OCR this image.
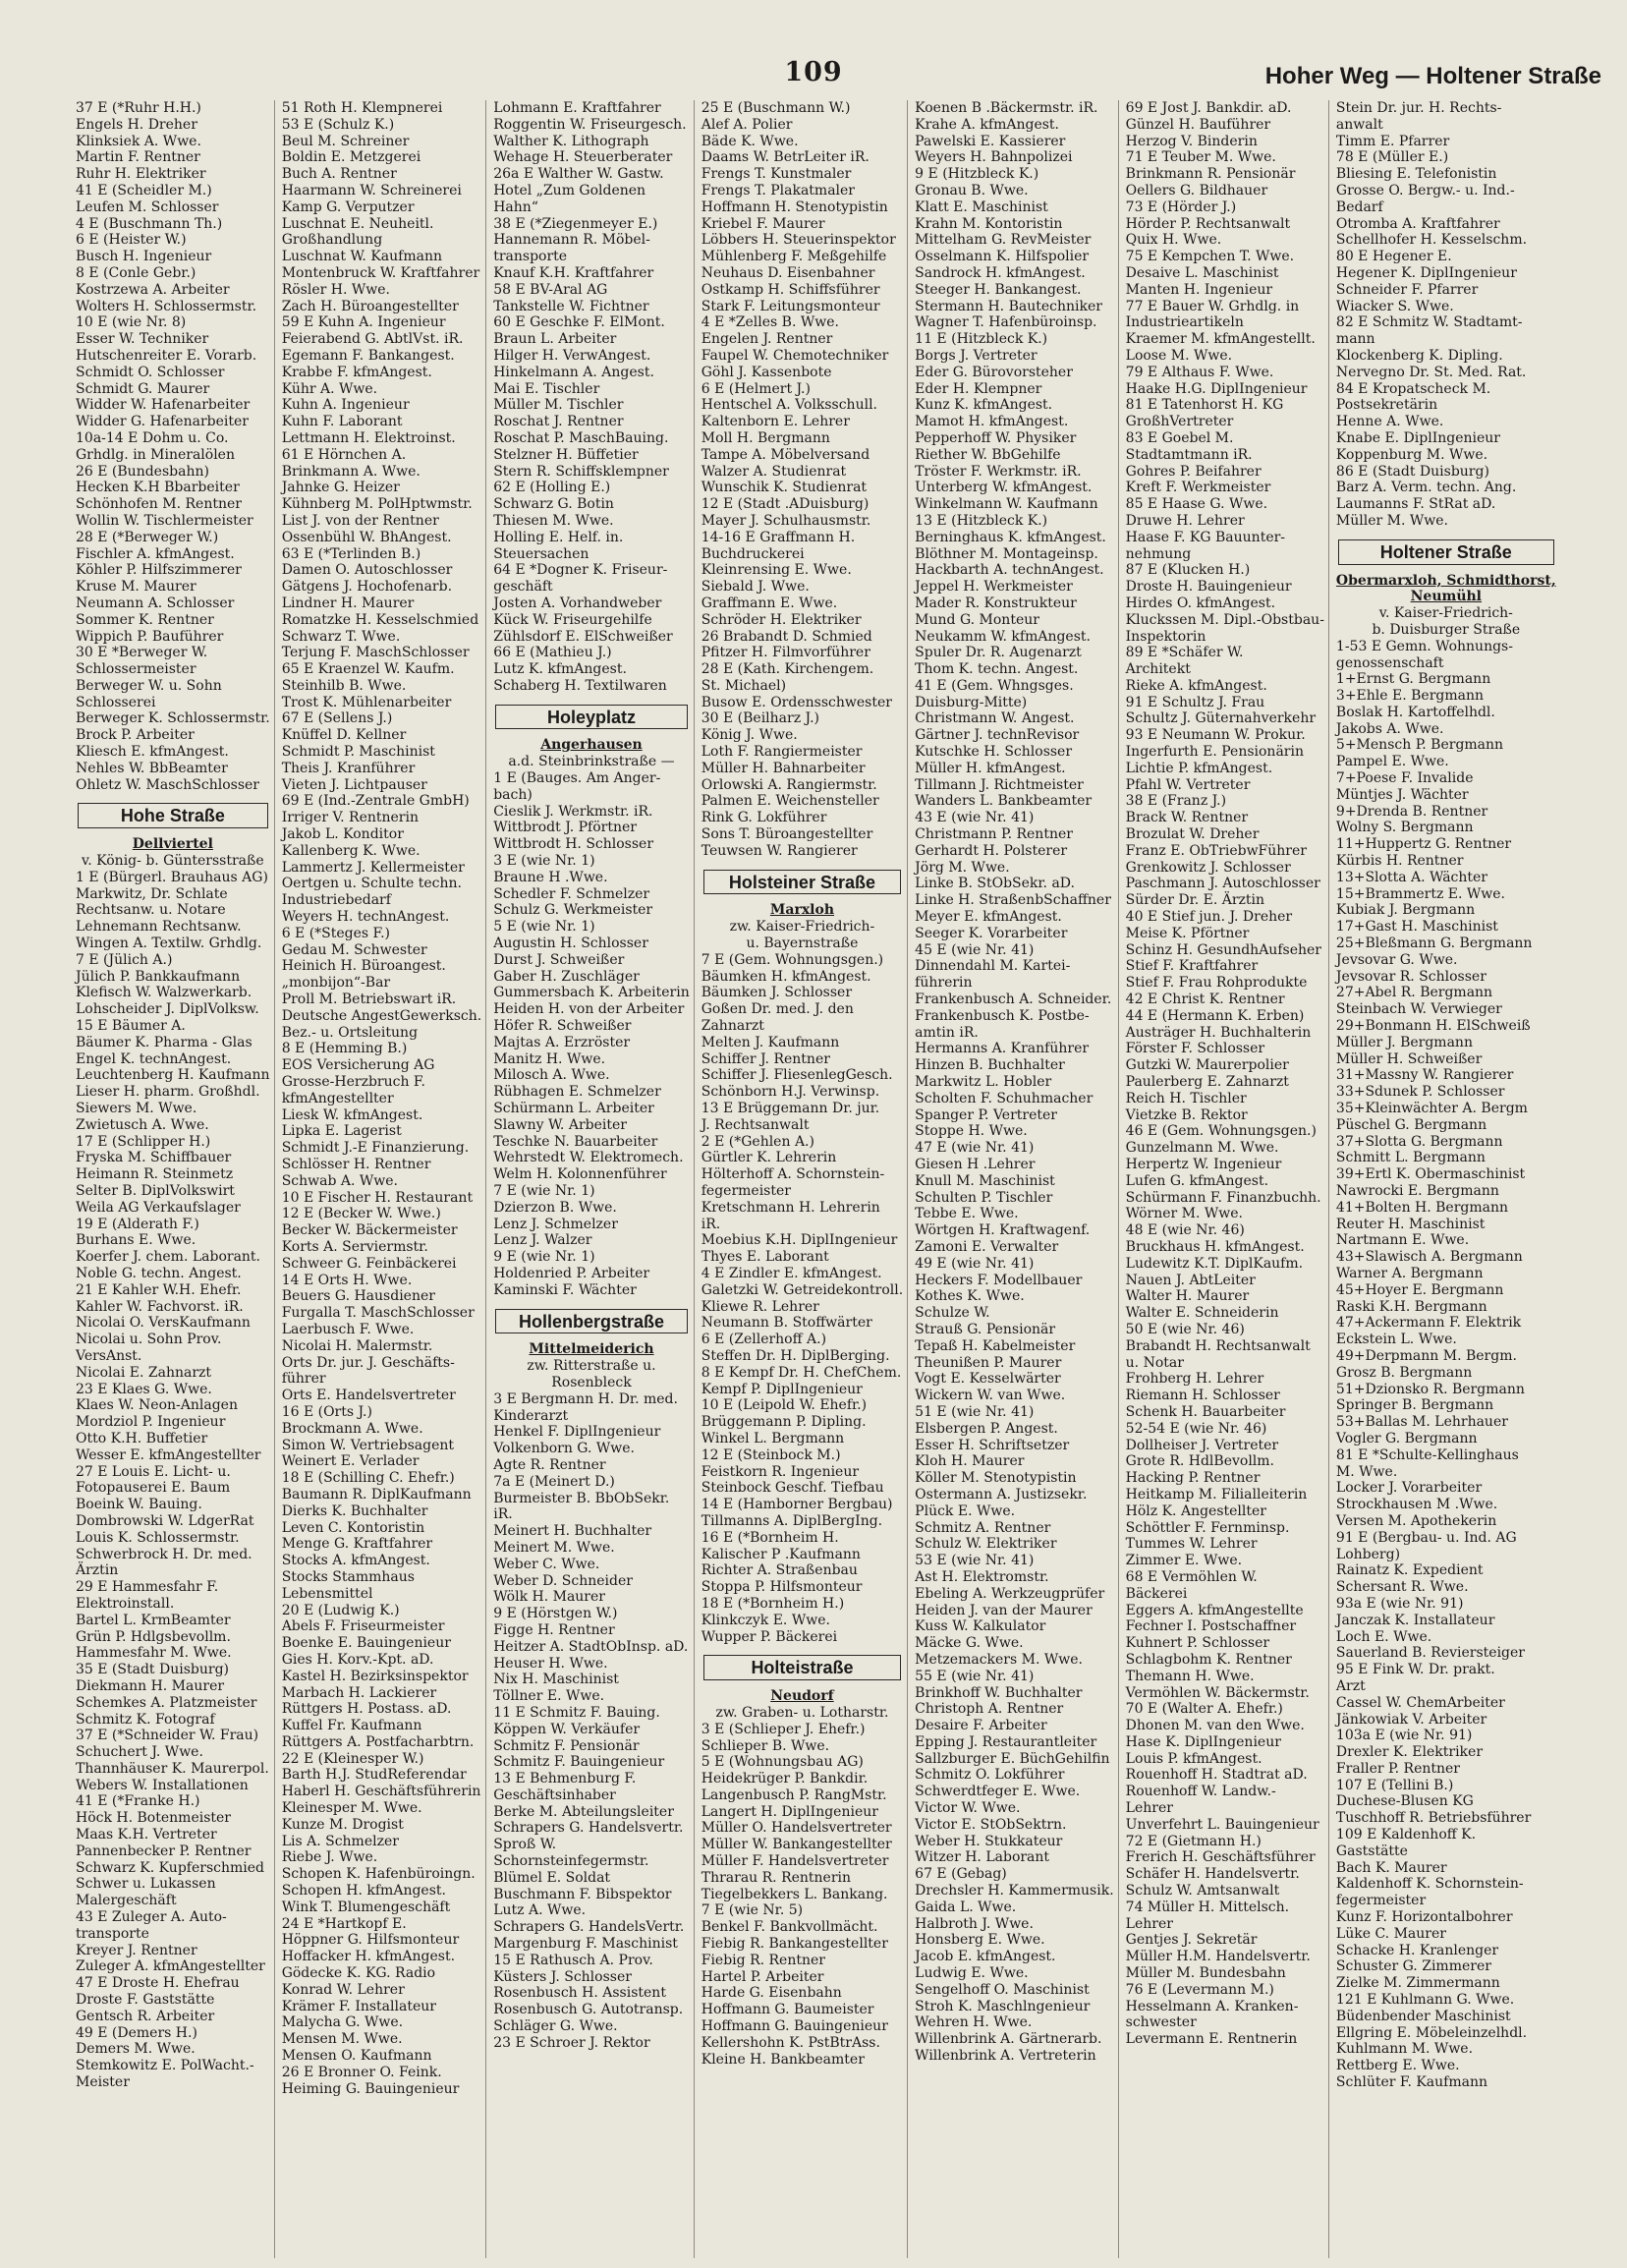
109	Hoher Weg — Holtener Straße
37 E (*Ruhr H.H.)
Engels H. Dreher
Klinksiek A. Wwe.
Martin F. Rentner
Ruhr H. Elektriker
41 E (Scheidler M.)
Leufen M. Schlosser
4 E (Buschmann Th.)
6 E (Heister W.)
Busch H. Ingenieur
8 E (Conle Gebr.)
Kostrzewa A. Arbeiter
Wolters H. Schlossermstr.
10 E (wie Nr. 8)
Esser W. Techniker
Hutschenreiter E. Vorarb.
Schmidt O. Schlosser
Schmidt G. Maurer
Widder W. Hafenarbeiter
Widder G. Hafenarbeiter
10a-14 E Dohm u. Co.
Grhdlg. in Mineralölen
26 E (Bundesbahn)
Hecken K.H Bbarbeiter
Schönhofen M. Rentner
Wollin W. Tischlermeister
28 E (*Berweger W.)
Fischler A. kfmAngest.
Köhler P. Hilfszimmerer
Kruse M. Maurer
Neumann A. Schlosser
Sommer K. Rentner
Wippich P. Bauführer
30 E *Berweger W.
Schlossermeister
Berweger W. u. Sohn
Schlosserei
Berweger K. Schlossermstr.
Brock P. Arbeiter
Kliesch E. kfmAngest.
Nehles W. BbBeamter
Ohletz W. MaschSchlosser
Hohe Straße
Dellviertel
v. König- b. Güntersstraße
1 E (Bürgerl. Brauhaus AG)
Markwitz, Dr. Schlate
Rechtsanw. u. Notare
Lehnemann Rechtsanw.
Wingen A. Textilw. Grhdlg.
7 E (Jülich A.)
Jülich P. Bankkaufmann
Klefisch W. Walzwerkarb.
Lohscheider J. DiplVolksw.
15 E Bäumer A.
Bäumer K. Pharma - Glas
Engel K. technAngest.
Leuchtenberg H. Kaufmann
Lieser H. pharm. Großhdl.
Siewers M. Wwe.
Zwietusch A. Wwe.
17 E (Schlipper H.)
Fryska M. Schiffbauer
Heimann R. Steinmetz
Selter B. DiplVolkswirt
Weila AG Verkaufslager
19 E (Alderath F.)
Burhans E. Wwe.
Koerfer J. chem. Laborant.
Noble G. techn. Angest.
21 E Kahler W.H. Ehefr.
Kahler W. Fachvorst. iR.
Nicolai O. VersKaufmann
Nicolai u. Sohn Prov.
VersAnst.
Nicolai E. Zahnarzt
23 E Klaes G. Wwe.
Klaes W. Neon-Anlagen
Mordziol P. Ingenieur
Otto K.H. Buffetier
Wesser E. kfmAngestellter
27 E Louis E. Licht- u.
Fotopauserei E. Baum
Boeink W. Bauing.
Dombrowski W. LdgerRat
Louis K. Schlossermstr.
Schwerbrock H. Dr. med.
Ärztin
29 E Hammesfahr F.
Elektroinstall.
Bartel L. KrmBeamter
Grün P. Hdlgsbevollm.
Hammesfahr M. Wwe.
35 E (Stadt Duisburg)
Diekmann H. Maurer
Schemkes A. Platzmeister
Schmitz K. Fotograf
37 E (*Schneider W. Frau)
Schuchert J. Wwe.
Thannhäuser K. Maurerpol.
Webers W. Installationen
41 E (*Franke H.)
Höck H. Botenmeister
Maas K.H. Vertreter
Pannenbecker P. Rentner
Schwarz K. Kupferschmied
Schwer u. Lukassen
Malergeschäft
43 E Zuleger A. Auto-
transporte
Kreyer J. Rentner
Zuleger A. kfmAngestellter
47 E Droste H. Ehefrau
Droste F. Gaststätte
Gentsch R. Arbeiter
49 E (Demers H.)
Demers M. Wwe.
Stemkowitz E. PolWacht.-
Meister
51 Roth H. Klempnerei
53 E (Schulz K.)
Beul M. Schreiner
Boldin E. Metzgerei
Buch A. Rentner
Haarmann W. Schreinerei
Kamp G. Verputzer
Luschnat E. Neuheitl.
Großhandlung
Luschnat W. Kaufmann
Montenbruck W. Kraftfahrer
Rösler H. Wwe.
Zach H. Büroangestellter
59 E Kuhn A. Ingenieur
Feierabend G. AbtlVst. iR.
Egemann F. Bankangest.
Krabbe F. kfmAngest.
Kühr A. Wwe.
Kuhn A. Ingenieur
Kuhn F. Laborant
Lettmann H. Elektroinst.
61 E Hörnchen A.
Brinkmann A. Wwe.
Jahnke G. Heizer
Kühnberg M. PolHptwmstr.
List J. von der Rentner
Ossenbühl W. BhAngest.
63 E (*Terlinden B.)
Damen O. Autoschlosser
Gätgens J. Hochofenarb.
Lindner H. Maurer
Romatzke H. Kesselschmied
Schwarz T. Wwe.
Terjung F. MaschSchlosser
65 E Kraenzel W. Kaufm.
Steinhilb B. Wwe.
Trost K. Mühlenarbeiter
67 E (Sellens J.)
Knüffel D. Kellner
Schmidt P. Maschinist
Theis J. Kranführer
Vieten J. Lichtpauser
69 E (Ind.-Zentrale GmbH)
Irriger V. Rentnerin
Jakob L. Konditor
Kallenberg K. Wwe.
Lammertz J. Kellermeister
Oertgen u. Schulte techn.
Industriebedarf
Weyers H. technAngest.
6 E (*Steges F.)
Gedau M. Schwester
Heinich H. Büroangest.
„monbijon“-Bar
Proll M. Betriebswart iR.
Deutsche AngestGewerksch.
Bez.- u. Ortsleitung
8 E (Hemming B.)
EOS Versicherung AG
Grosse-Herzbruch F.
kfmAngestellter
Liesk W. kfmAngest.
Lipka E. Lagerist
Schmidt J.-E Finanzierung.
Schlösser H. Rentner
Schwab A. Wwe.
10 E Fischer H. Restaurant
12 E (Becker W. Wwe.)
Becker W. Bäckermeister
Korts A. Serviermstr.
Schweer G. Feinbäckerei
14 E Orts H. Wwe.
Beuers G. Hausdiener
Furgalla T. MaschSchlosser
Laerbusch F. Wwe.
Nicolai H. Malermstr.
Orts Dr. jur. J. Geschäfts-
führer
Orts E. Handelsvertreter
16 E (Orts J.)
Brockmann A. Wwe.
Simon W. Vertriebsagent
Weinert E. Verlader
18 E (Schilling C. Ehefr.)
Baumann R. DiplKaufmann
Dierks K. Buchhalter
Leven C. Kontoristin
Menge G. Kraftfahrer
Stocks A. kfmAngest.
Stocks Stammhaus
Lebensmittel
20 E (Ludwig K.)
Abels F. Friseurmeister
Boenke E. Bauingenieur
Gies H. Korv.-Kpt. aD.
Kastel H. Bezirksinspektor
Marbach H. Lackierer
Rüttgers H. Postass. aD.
Kuffel Fr. Kaufmann
Rüttgers A. Postfacharbtrn.
22 E (Kleinesper W.)
Barth H.J. StudReferendar
Haberl H. Geschäftsführerin
Kleinesper M. Wwe.
Kunze M. Drogist
Lis A. Schmelzer
Riebe J. Wwe.
Schopen K. Hafenbüroingn.
Schopen H. kfmAngest.
Wink T. Blumengeschäft
24 E *Hartkopf E.
Höppner G. Hilfsmonteur
Hoffacker H. kfmAngest.
Gödecke K. KG. Radio
Konrad W. Lehrer
Krämer F. Installateur
Malycha G. Wwe.
Mensen M. Wwe.
Mensen O. Kaufmann
26 E Bronner O. Feink.
Heiming G. Bauingenieur
Lohmann E. Kraftfahrer
Roggentin W. Friseurgesch.
Walther K. Lithograph
Wehage H. Steuerberater
26a E Walther W. Gastw.
Hotel „Zum Goldenen
Hahn“
38 E (*Ziegenmeyer E.)
Hannemann R. Möbel-
transporte
Knauf K.H. Kraftfahrer
58 E BV-Aral AG
Tankstelle W. Fichtner
60 E Geschke F. ElMont.
Braun L. Arbeiter
Hilger H. VerwAngest.
Hinkelmann A. Angest.
Mai E. Tischler
Müller M. Tischler
Roschat J. Rentner
Roschat P. MaschBauing.
Stelzner H. Büffetier
Stern R. Schiffsklempner
62 E (Holling E.)
Schwarz G. Botin
Thiesen M. Wwe.
Holling E. Helf. in.
Steuersachen
64 E *Dogner K. Friseur-
geschäft
Josten A. Vorhandweber
Kück W. Friseurgehilfe
Zühlsdorf E. ElSchweißer
66 E (Mathieu J.)
Lutz K. kfmAngest.
Schaberg H. Textilwaren
Holeyplatz
Angerhausen
a.d. Steinbrinkstraße —
1 E (Bauges. Am Anger-
bach)
Cieslik J. Werkmstr. iR.
Wittbrodt J. Pförtner
Wittbrodt H. Schlosser
3 E (wie Nr. 1)
Braune H .Wwe.
Schedler F. Schmelzer
Schulz G. Werkmeister
5 E (wie Nr. 1)
Augustin H. Schlosser
Durst J. Schweißer
Gaber H. Zuschläger
Gummersbach K. Arbeiterin
Heiden H. von der Arbeiter
Höfer R. Schweißer
Majtas A. Erzröster
Manitz H. Wwe.
Milosch A. Wwe.
Rübhagen E. Schmelzer
Schürmann L. Arbeiter
Slawny W. Arbeiter
Teschke N. Bauarbeiter
Wehrstedt W. Elektromech.
Welm H. Kolonnenführer
7 E (wie Nr. 1)
Dzierzon B. Wwe.
Lenz J. Schmelzer
Lenz J. Walzer
9 E (wie Nr. 1)
Holdenried P. Arbeiter
Kaminski F. Wächter
Hollenbergstraße
Mittelmeiderich
zw. Ritterstraße u.
Rosenbleck
3 E Bergmann H. Dr. med.
Kinderarzt
Henkel F. DiplIngenieur
Volkenborn G. Wwe.
Agte R. Rentner
7a E (Meinert D.)
Burmeister B. BbObSekr.
iR.
Meinert H. Buchhalter
Meinert M. Wwe.
Weber C. Wwe.
Weber D. Schneider
Wölk H. Maurer
9 E (Hörstgen W.)
Figge H. Rentner
Heitzer A. StadtObInsp. aD.
Heuser H. Wwe.
Nix H. Maschinist
Töllner E. Wwe.
11 E Schmitz F. Bauing.
Köppen W. Verkäufer
Schmitz F. Pensionär
Schmitz F. Bauingenieur
13 E Behmenburg F.
Geschäftsinhaber
Berke M. Abteilungsleiter
Schrapers G. Handelsvertr.
Sproß W.
Schornsteinfegermstr.
Blümel E. Soldat
Buschmann F. Bibspektor
Lutz A. Wwe.
Schrapers G. HandelsVertr.
Margenburg F. Maschinist
15 E Rathusch A. Prov.
Küsters J. Schlosser
Rosenbusch H. Assistent
Rosenbusch G. Autotransp.
Schläger G. Wwe.
23 E Schroer J. Rektor
25 E (Buschmann W.)
Alef A. Polier
Bäde K. Wwe.
Daams W. BetrLeiter iR.
Frengs T. Kunstmaler
Frengs T. Plakatmaler
Hoffmann H. Stenotypistin
Kriebel F. Maurer
Löbbers H. Steuerinspektor
Mühlenberg F. Meßgehilfe
Neuhaus D. Eisenbahner
Ostkamp H. Schiffsführer
Stark F. Leitungsmonteur
4 E *Zelles B. Wwe.
Engelen J. Rentner
Faupel W. Chemotechniker
Göhl J. Kassenbote
6 E (Helmert J.)
Hentschel A. Volksschull.
Kaltenborn E. Lehrer
Moll H. Bergmann
Tampe A. Möbelversand
Walzer A. Studienrat
Wunschik K. Studienrat
12 E (Stadt .ADuisburg)
Mayer J. Schulhausmstr.
14-16 E Graffmann H.
Buchdruckerei
Kleinrensing E. Wwe.
Siebald J. Wwe.
Graffmann E. Wwe.
Schröder H. Elektriker
26 Brabandt D. Schmied
Pfitzer H. Filmvorführer
28 E (Kath. Kirchengem.
St. Michael)
Busow E. Ordensschwester
30 E (Beilharz J.)
König J. Wwe.
Loth F. Rangiermeister
Müller H. Bahnarbeiter
Orlowski A. Rangiermstr.
Palmen E. Weichensteller
Rink G. Lokführer
Sons T. Büroangestellter
Teuwsen W. Rangierer
Holsteiner Straße
Marxloh
zw. Kaiser-Friedrich-
u. Bayernstraße
7 E (Gem. Wohnungsgen.)
Bäumken H. kfmAngest.
Bäumken J. Schlosser
Goßen Dr. med. J. den
Zahnarzt
Melten J. Kaufmann
Schiffer J. Rentner
Schiffer J. FliesenlegGesch.
Schönborn H.J. Verwinsp.
13 E Brüggemann Dr. jur.
J. Rechtsanwalt
2 E (*Gehlen A.)
Gürtler K. Lehrerin
Hölterhoff A. Schornstein-
fegermeister
Kretschmann H. Lehrerin
iR.
Moebius K.H. DiplIngenieur
Thyes E. Laborant
4 E Zindler E. kfmAngest.
Galetzki W. Getreidekontroll.
Kliewe R. Lehrer
Neumann B. Stoffwärter
6 E (Zellerhoff A.)
Steffen Dr. H. DiplBerging.
8 E Kempf Dr. H. ChefChem.
Kempf P. DiplIngenieur
10 E (Leipold W. Ehefr.)
Brüggemann P. Dipling.
Winkel L. Bergmann
12 E (Steinbock M.)
Feistkorn R. Ingenieur
Steinbock Geschf. Tiefbau
14 E (Hamborner Bergbau)
Tillmanns A. DiplBergIng.
16 E (*Bornheim H.
Kalischer P .Kaufmann
Richter A. Straßenbau
Stoppa P. Hilfsmonteur
18 E (*Bornheim H.)
Klinkczyk E. Wwe.
Wupper P. Bäckerei
Holteistraße
Neudorf
zw. Graben- u. Lotharstr.
3 E (Schlieper J. Ehefr.)
Schlieper B. Wwe.
5 E (Wohnungsbau AG)
Heidekrüger P. Bankdir.
Langenbusch P. RangMstr.
Langert H. DiplIngenieur
Müller O. Handelsvertreter
Müller W. Bankangestellter
Müller F. Handelsvertreter
Thrarau R. Rentnerin
Tiegelbekkers L. Bankang.
7 E (wie Nr. 5)
Benkel F. Bankvollmächt.
Fiebig R. Bankangestellter
Fiebig R. Rentner
Hartel P. Arbeiter
Harde G. Eisenbahn
Hoffmann G. Baumeister
Hoffmann G. Bauingenieur
Kellershohn K. PstBtrAss.
Kleine H. Bankbeamter
Koenen B .Bäckermstr. iR.
Krahe A. kfmAngest.
Pawelski E. Kassierer
Weyers H. Bahnpolizei
9 E (Hitzbleck K.)
Gronau B. Wwe.
Klatt E. Maschinist
Krahn M. Kontoristin
Mittelham G. RevMeister
Osselmann K. Hilfspolier
Sandrock H. kfmAngest.
Steeger H. Bankangest.
Stermann H. Bautechniker
Wagner T. Hafenbüroinsp.
11 E (Hitzbleck K.)
Borgs J. Vertreter
Eder G. Bürovorsteher
Eder H. Klempner
Kunz K. kfmAngest.
Mamot H. kfmAngest.
Pepperhoff W. Physiker
Riether W. BbGehilfe
Tröster F. Werkmstr. iR.
Unterberg W. kfmAngest.
Winkelmann W. Kaufmann
13 E (Hitzbleck K.)
Berninghaus K. kfmAngest.
Blöthner M. Montageinsp.
Hackbarth A. technAngest.
Jeppel H. Werkmeister
Mader R. Konstrukteur
Mund G. Monteur
Neukamm W. kfmAngest.
Spuler Dr. R. Augenarzt
Thom K. techn. Angest.
41 E (Gem. Whngsges.
Duisburg-Mitte)
Christmann W. Angest.
Gärtner J. technRevisor
Kutschke H. Schlosser
Müller H. kfmAngest.
Tillmann J. Richtmeister
Wanders L. Bankbeamter
43 E (wie Nr. 41)
Christmann P. Rentner
Gerhardt H. Polsterer
Jörg M. Wwe.
Linke B. StObSekr. aD.
Linke H. StraßenbSchaffner
Meyer E. kfmAngest.
Seeger K. Vorarbeiter
45 E (wie Nr. 41)
Dinnendahl M. Kartei-
führerin
Frankenbusch A. Schneider.
Frankenbusch K. Postbe-
amtin iR.
Hermanns A. Kranführer
Hinzen B. Buchhalter
Markwitz L. Hobler
Scholten F. Schuhmacher
Spanger P. Vertreter
Stoppe H. Wwe.
47 E (wie Nr. 41)
Giesen H .Lehrer
Knull M. Maschinist
Schulten P. Tischler
Tebbe E. Wwe.
Wörtgen H. Kraftwagenf.
Zamoni E. Verwalter
49 E (wie Nr. 41)
Heckers F. Modellbauer
Kothes K. Wwe.
Schulze W.
Strauß G. Pensionär
Tepaß H. Kabelmeister
Theunißen P. Maurer
Vogt E. Kesselwärter
Wickern W. van Wwe.
51 E (wie Nr. 41)
Elsbergen P. Angest.
Esser H. Schriftsetzer
Kloh H. Maurer
Köller M. Stenotypistin
Ostermann A. Justizsekr.
Plück E. Wwe.
Schmitz A. Rentner
Schulz W. Elektriker
53 E (wie Nr. 41)
Ast H. Elektromstr.
Ebeling A. Werkzeugprüfer
Heiden J. van der Maurer
Kuss W. Kalkulator
Mäcke G. Wwe.
Metzemackers M. Wwe.
55 E (wie Nr. 41)
Brinkhoff W. Buchhalter
Christoph A. Rentner
Desaire F. Arbeiter
Epping J. Restaurantleiter
Sallzburger E. BüchGehilfin
Schmitz O. Lokführer
Schwerdtfeger E. Wwe.
Victor W. Wwe.
Victor E. StObSektrn.
Weber H. Stukkateur
Witzer H. Laborant
67 E (Gebag)
Drechsler H. Kammermusik.
Gaida L. Wwe.
Halbroth J. Wwe.
Honsberg E. Wwe.
Jacob E. kfmAngest.
Ludwig E. Wwe.
Sengelhoff O. Maschinist
Stroh K. Maschlngenieur
Wehren H. Wwe.
Willenbrink A. Gärtnerarb.
Willenbrink A. Vertreterin
69 E Jost J. Bankdir. aD.
Günzel H. Bauführer
Herzog V. Binderin
71 E Teuber M. Wwe.
Brinkmann R. Pensionär
Oellers G. Bildhauer
73 E (Hörder J.)
Hörder P. Rechtsanwalt
Quix H. Wwe.
75 E Kempchen T. Wwe.
Desaive L. Maschinist
Manten H. Ingenieur
77 E Bauer W. Grhdlg. in
Industrieartikeln
Kraemer M. kfmAngestellt.
Loose M. Wwe.
79 E Althaus F. Wwe.
Haake H.G. DiplIngenieur
81 E Tatenhorst H. KG
GroßhVertreter
83 E Goebel M.
Stadtamtmann iR.
Gohres P. Beifahrer
Kreft F. Werkmeister
85 E Haase G. Wwe.
Druwe H. Lehrer
Haase F. KG Bauunter-
nehmung
87 E (Klucken H.)
Droste H. Bauingenieur
Hirdes O. kfmAngest.
Kluckssen M. Dipl.-Obstbau-
Inspektorin
89 E *Schäfer W.
Architekt
Rieke A. kfmAngest.
91 E Schultz J. Frau
Schultz J. Güternahverkehr
93 E Neumann W. Prokur.
Ingerfurth E. Pensionärin
Lichtie P. kfmAngest.
Pfahl W. Vertreter
38 E (Franz J.)
Brack W. Rentner
Brozulat W. Dreher
Franz E. ObTriebwFührer
Grenkowitz J. Schlosser
Paschmann J. Autoschlosser
Sürder Dr. E. Ärztin
40 E Stief jun. J. Dreher
Meise K. Pförtner
Schinz H. GesundhAufseher
Stief F. Kraftfahrer
Stief F. Frau Rohprodukte
42 E Christ K. Rentner
44 E (Hermann K. Erben)
Austräger H. Buchhalterin
Förster F. Schlosser
Gutzki W. Maurerpolier
Paulerberg E. Zahnarzt
Reich H. Tischler
Vietzke B. Rektor
46 E (Gem. Wohnungsgen.)
Gunzelmann M. Wwe.
Herpertz W. Ingenieur
Lufen G. kfmAngest.
Schürmann F. Finanzbuchh.
Wörner M. Wwe.
48 E (wie Nr. 46)
Bruckhaus H. kfmAngest.
Ludewitz K.T. DiplKaufm.
Nauen J. AbtLeiter
Walter H. Maurer
Walter E. Schneiderin
50 E (wie Nr. 46)
Brabandt H. Rechtsanwalt
u. Notar
Frohberg H. Lehrer
Riemann H. Schlosser
Schenk H. Bauarbeiter
52-54 E (wie Nr. 46)
Dollheiser J. Vertreter
Grote R. HdlBevollm.
Hacking P. Rentner
Heitkamp M. Filialleiterin
Hölz K. Angestellter
Schöttler F. Fernminsp.
Tummes W. Lehrer
Zimmer E. Wwe.
68 E Vermöhlen W.
Bäckerei
Eggers A. kfmAngestellte
Fechner I. Postschaffner
Kuhnert P. Schlosser
Schlagbohm K. Rentner
Themann H. Wwe.
Vermöhlen W. Bäckermstr.
70 E (Walter A. Ehefr.)
Dhonen M. van den Wwe.
Hase K. DiplIngenieur
Louis P. kfmAngest.
Rouenhoff H. Stadtrat aD.
Rouenhoff W. Landw.-
Lehrer
Unverfehrt L. Bauingenieur
72 E (Gietmann H.)
Frerich H. Geschäftsführer
Schäfer H. Handelsvertr.
Schulz W. Amtsanwalt
74 Müller H. Mittelsch.
Lehrer
Gentjes J. Sekretär
Müller H.M. Handelsvertr.
Müller M. Bundesbahn
76 E (Levermann M.)
Hesselmann A. Kranken-
schwester
Levermann E. Rentnerin
Stein Dr. jur. H. Rechts-
anwalt
Timm E. Pfarrer
78 E (Müller E.)
Bliesing E. Telefonistin
Grosse O. Bergw.- u. Ind.-
Bedarf
Otromba A. Kraftfahrer
Schellhofer H. Kesselschm.
80 E Hegener E.
Hegener K. DiplIngenieur
Schneider F. Pfarrer
Wiacker S. Wwe.
82 E Schmitz W. Stadtamt-
mann
Klockenberg K. Dipling.
Nervegno Dr. St. Med. Rat.
84 E Kropatscheck M.
Postsekretärin
Henne A. Wwe.
Knabe E. DiplIngenieur
Koppenburg M. Wwe.
86 E (Stadt Duisburg)
Barz A. Verm. techn. Ang.
Laumanns F. StRat aD.
Müller M. Wwe.
Holtener Straße
Obermarxloh, Schmidthorst,
Neumühl
v. Kaiser-Friedrich-
b. Duisburger Straße
1-53 E Gemn. Wohnungs-
genossenschaft
1+Ernst G. Bergmann
3+Ehle E. Bergmann
Boslak H. Kartoffelhdl.
Jakobs A. Wwe.
5+Mensch P. Bergmann
Pampel E. Wwe.
7+Poese F. Invalide
Müntjes J. Wächter
9+Drenda B. Rentner
Wolny S. Bergmann
11+Huppertz G. Rentner
Kürbis H. Rentner
13+Slotta A. Wächter
15+Brammertz E. Wwe.
Kubiak J. Bergmann
17+Gast H. Maschinist
25+Bleßmann G. Bergmann
Jevsovar G. Wwe.
Jevsovar R. Schlosser
27+Abel R. Bergmann
Steinbach W. Verwieger
29+Bonmann H. ElSchweiß
Müller J. Bergmann
Müller H. Schweißer
31+Massny W. Rangierer
33+Sdunek P. Schlosser
35+Kleinwächter A. Bergm
Püschel G. Bergmann
37+Slotta G. Bergmann
Schmitt L. Bergmann
39+Ertl K. Obermaschinist
Nawrocki E. Bergmann
41+Bolten H. Bergmann
Reuter H. Maschinist
Nartmann E. Wwe.
43+Slawisch A. Bergmann
Warner A. Bergmann
45+Hoyer E. Bergmann
Raski K.H. Bergmann
47+Ackermann F. Elektrik
Eckstein L. Wwe.
49+Derpmann M. Bergm.
Grosz B. Bergmann
51+Dzionsko R. Bergmann
Springer B. Bergmann
53+Ballas M. Lehrhauer
Vogler G. Bergmann
81 E *Schulte-Kellinghaus
M. Wwe.
Locker J. Vorarbeiter
Strockhausen M .Wwe.
Versen M. Apothekerin
91 E (Bergbau- u. Ind. AG
Lohberg)
Rainatz K. Expedient
Schersant R. Wwe.
93a E (wie Nr. 91)
Janczak K. Installateur
Loch E. Wwe.
Sauerland B. Reviersteiger
95 E Fink W. Dr. prakt.
Arzt
Cassel W. ChemArbeiter
Jänkowiak V. Arbeiter
103a E (wie Nr. 91)
Drexler K. Elektriker
Fraller P. Rentner
107 E (Tellini B.)
Duchese-Blusen KG
Tuschhoff R. Betriebsführer
109 E Kaldenhoff K.
Gaststätte
Bach K. Maurer
Kaldenhoff K. Schornstein-
fegermeister
Kunz F. Horizontalbohrer
Lüke C. Maurer
Schacke H. Kranlenger
Schuster G. Zimmerer
Zielke M. Zimmermann
121 E Kuhlmann G. Wwe.
Büdenbender Maschinist
Ellgring E. Möbeleinzelhdl.
Kuhlmann M. Wwe.
Rettberg E. Wwe.
Schlüter F. Kaufmann
